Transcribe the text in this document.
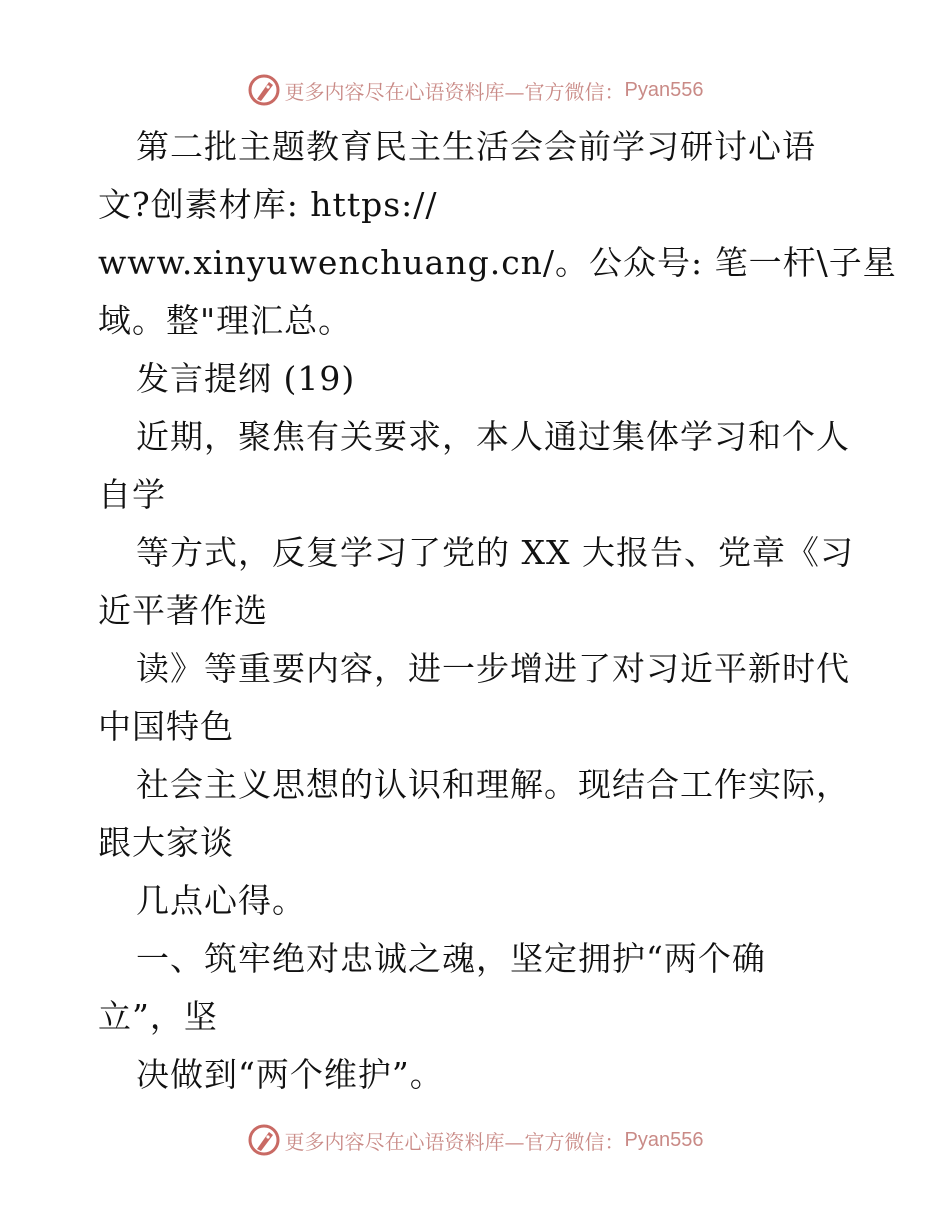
更多内容尽在心语资料库—官方微信： Pyan556
第二批主题教育民主生活会会前学习研讨心语
文?创素材库: https://
www.xinyuwenchuang.cn/。公众号: 笔一杆\子星
域。整"理汇总。
发言提纲 (19)
近期，聚焦有关要求，本人通过集体学习和个人
自学
等方式，反复学习了党的 XX 大报告、党章《习
近平著作选
读》等重要内容，进一步增进了对习近平新时代
中国特色
社会主义思想的认识和理解。现结合工作实际，
跟大家谈
几点心得。
一、筑牢绝对忠诚之魂，坚定拥护“两个确
立”，坚
决做到“两个维护”。
更多内容尽在心语资料库—官方微信： Pyan556
